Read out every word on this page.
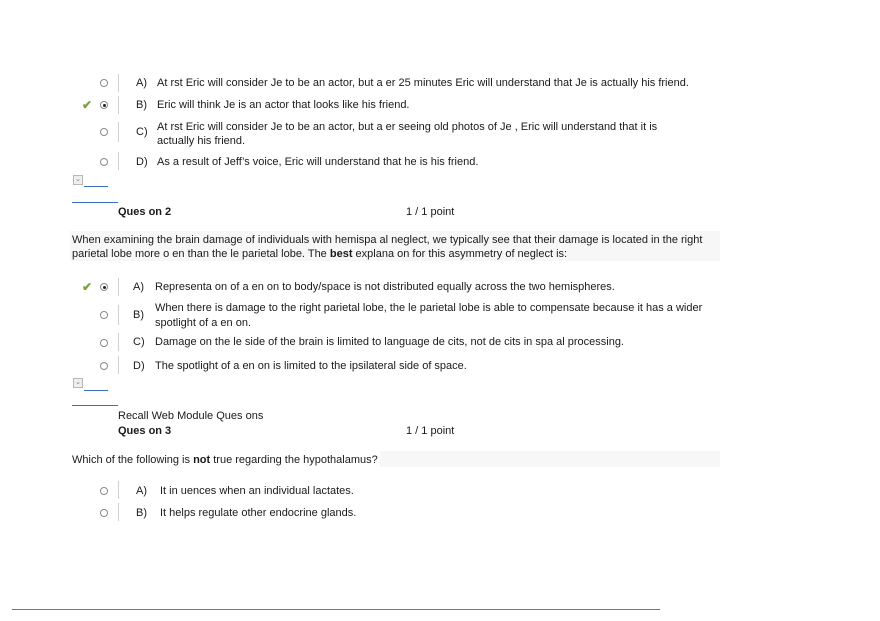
A) At rst Eric will consider Je to be an actor, but a er 25 minutes Eric will understand that Je is actually his friend.
✔	B) Eric will think Je is an actor that looks like his friend.
C) At rst Eric will consider Je to be an actor, but a er seeing old photos of Je , Eric will understand that it is
actually his friend.
D) As a result of Jeff’s voice, Eric will understand that he is his friend.
⌄
Ques on 2	1 / 1 point
When examining the brain damage of individuals with hemispa al neglect, we typically see that their damage is located in the right
parietal lobe more o en than the le parietal lobe. The best explana on for this asymmetry of neglect is:
✔	A) Representa on of a en on to body/space is not distributed equally across the two hemispheres.
B)
When there is damage to the right parietal lobe, the le parietal lobe is able to compensate because it has a wider
spotlight of a en on.
C) Damage on the le side of the brain is limited to language de cits, not de cits in spa al processing.
D) The spotlight of a en on is limited to the ipsilateral side of space.
⌄
Recall Web Module Ques ons
Ques on 3	1 / 1 point
Which of the following is not true regarding the hypothalamus?
A) It in uences when an individual lactates.
B) It helps regulate other endocrine glands.
